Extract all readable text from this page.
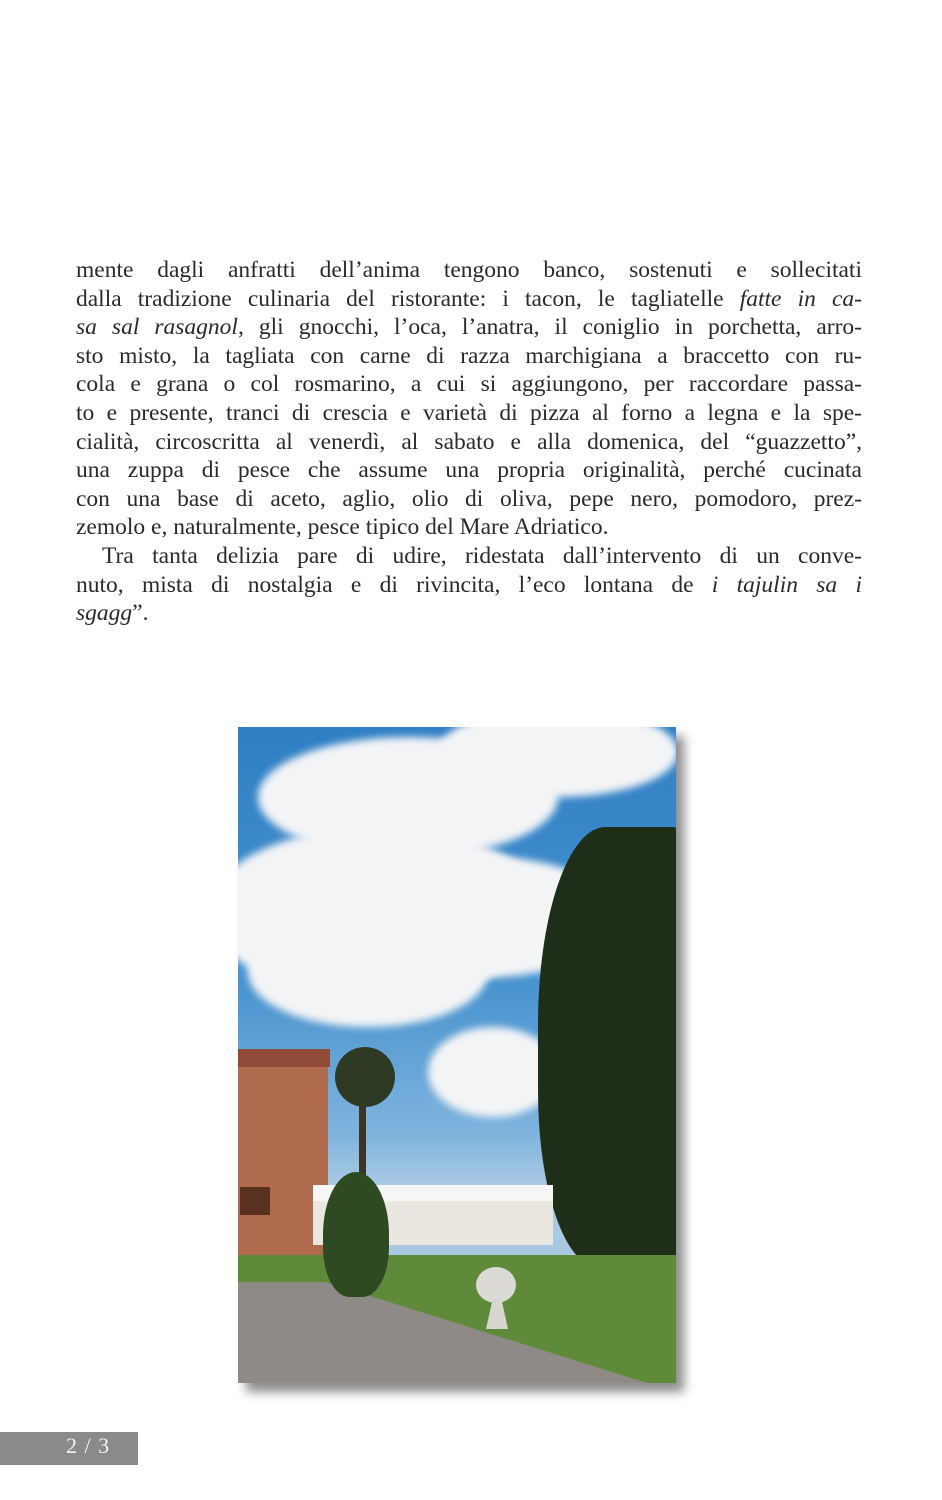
mente dagli anfratti dell’anima tengono banco, sostenuti e sollecitati
dalla tradizione culinaria del ristorante: i tacon, le tagliatelle fatte in ca-
sa sal rasagnol, gli gnocchi, l’oca, l’anatra, il coniglio in porchetta, arro-
sto misto, la tagliata con carne di razza marchigiana a braccetto con ru-
cola e grana o col rosmarino, a cui si aggiungono, per raccordare passa-
to e presente, tranci di crescia e varietà di pizza al forno a legna e la spe-
cialità, circoscritta al venerdì, al sabato e alla domenica, del “guazzetto”,
una zuppa di pesce che assume una propria originalità, perché cucinata
con una base di aceto, aglio, olio di oliva, pepe nero, pomodoro, prez-
zemolo e, naturalmente, pesce tipico del Mare Adriatico.
Tra tanta delizia pare di udire, ridestata dall’intervento di un conve-
nuto, mista di nostalgia e di rivincita, l’eco lontana de i tajulin sa i
sgagg”.
2 / 3
